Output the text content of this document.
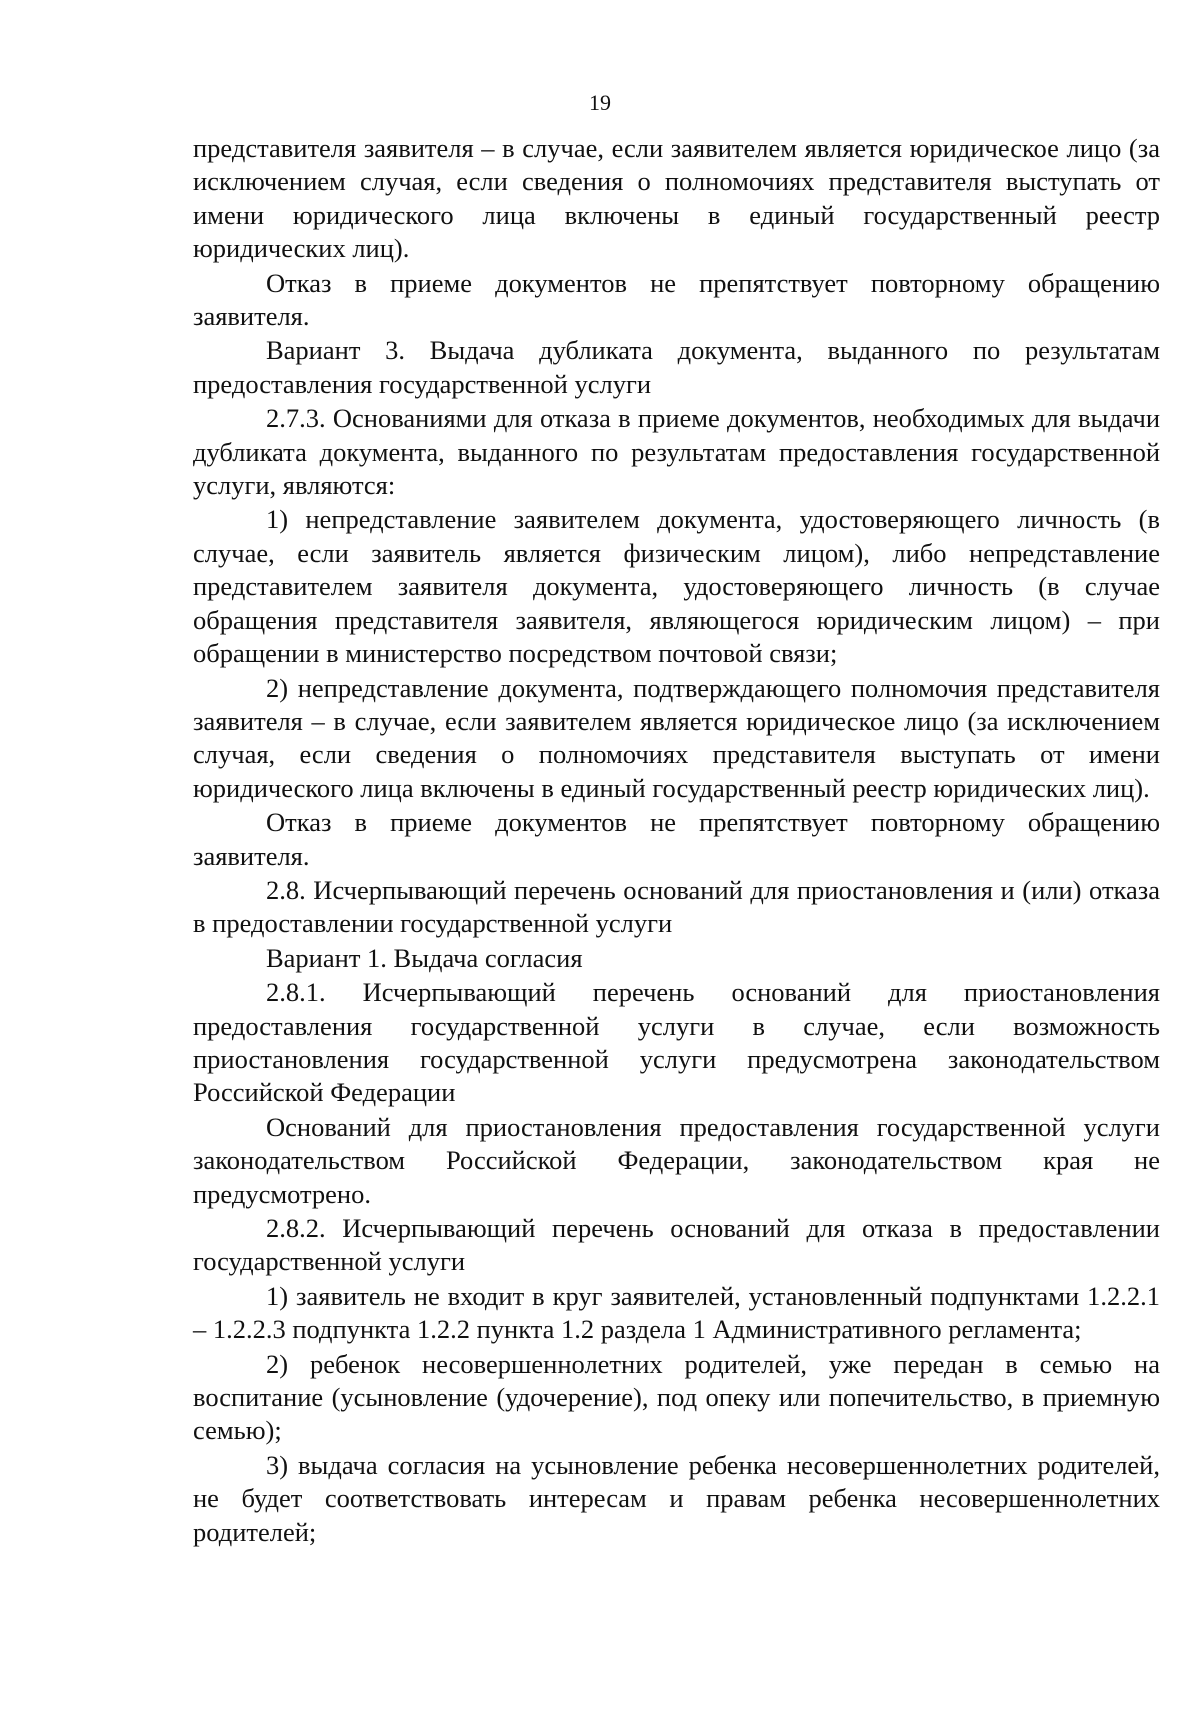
19

представителя заявителя – в случае, если заявителем является юридическое лицо (за исключением случая, если сведения о полномочиях представителя выступать от имени юридического лица включены в единый государственный реестр юридических лиц).

Отказ в приеме документов не препятствует повторному обращению заявителя.

Вариант 3. Выдача дубликата документа, выданного по результатам предоставления государственной услуги

2.7.3. Основаниями для отказа в приеме документов, необходимых для выдачи дубликата документа, выданного по результатам предоставления государственной услуги, являются:

1) непредставление заявителем документа, удостоверяющего личность (в случае, если заявитель является физическим лицом), либо непредставление представителем заявителя документа, удостоверяющего личность (в случае обращения представителя заявителя, являющегося юридическим лицом) – при обращении в министерство посредством почтовой связи;

2) непредставление документа, подтверждающего полномочия представителя заявителя – в случае, если заявителем является юридическое лицо (за исключением случая, если сведения о полномочиях представителя выступать от имени юридического лица включены в единый государственный реестр юридических лиц).

Отказ в приеме документов не препятствует повторному обращению заявителя.

2.8. Исчерпывающий перечень оснований для приостановления и (или) отказа в предоставлении государственной услуги

Вариант 1. Выдача согласия

2.8.1. Исчерпывающий перечень оснований для приостановления предоставления государственной услуги в случае, если возможность приостановления государственной услуги предусмотрена законодательством Российской Федерации

Оснований для приостановления предоставления государственной услуги законодательством Российской Федерации, законодательством края не предусмотрено.

2.8.2. Исчерпывающий перечень оснований для отказа в предоставлении государственной услуги

1) заявитель не входит в круг заявителей, установленный подпунктами 1.2.2.1 – 1.2.2.3 подпункта 1.2.2 пункта 1.2 раздела 1 Административного регламента;

2) ребенок несовершеннолетних родителей, уже передан в семью на воспитание (усыновление (удочерение), под опеку или попечительство, в приемную семью);

3) выдача согласия на усыновление ребенка несовершеннолетних родителей, не будет соответствовать интересам и правам ребенка несовершеннолетних родителей;
